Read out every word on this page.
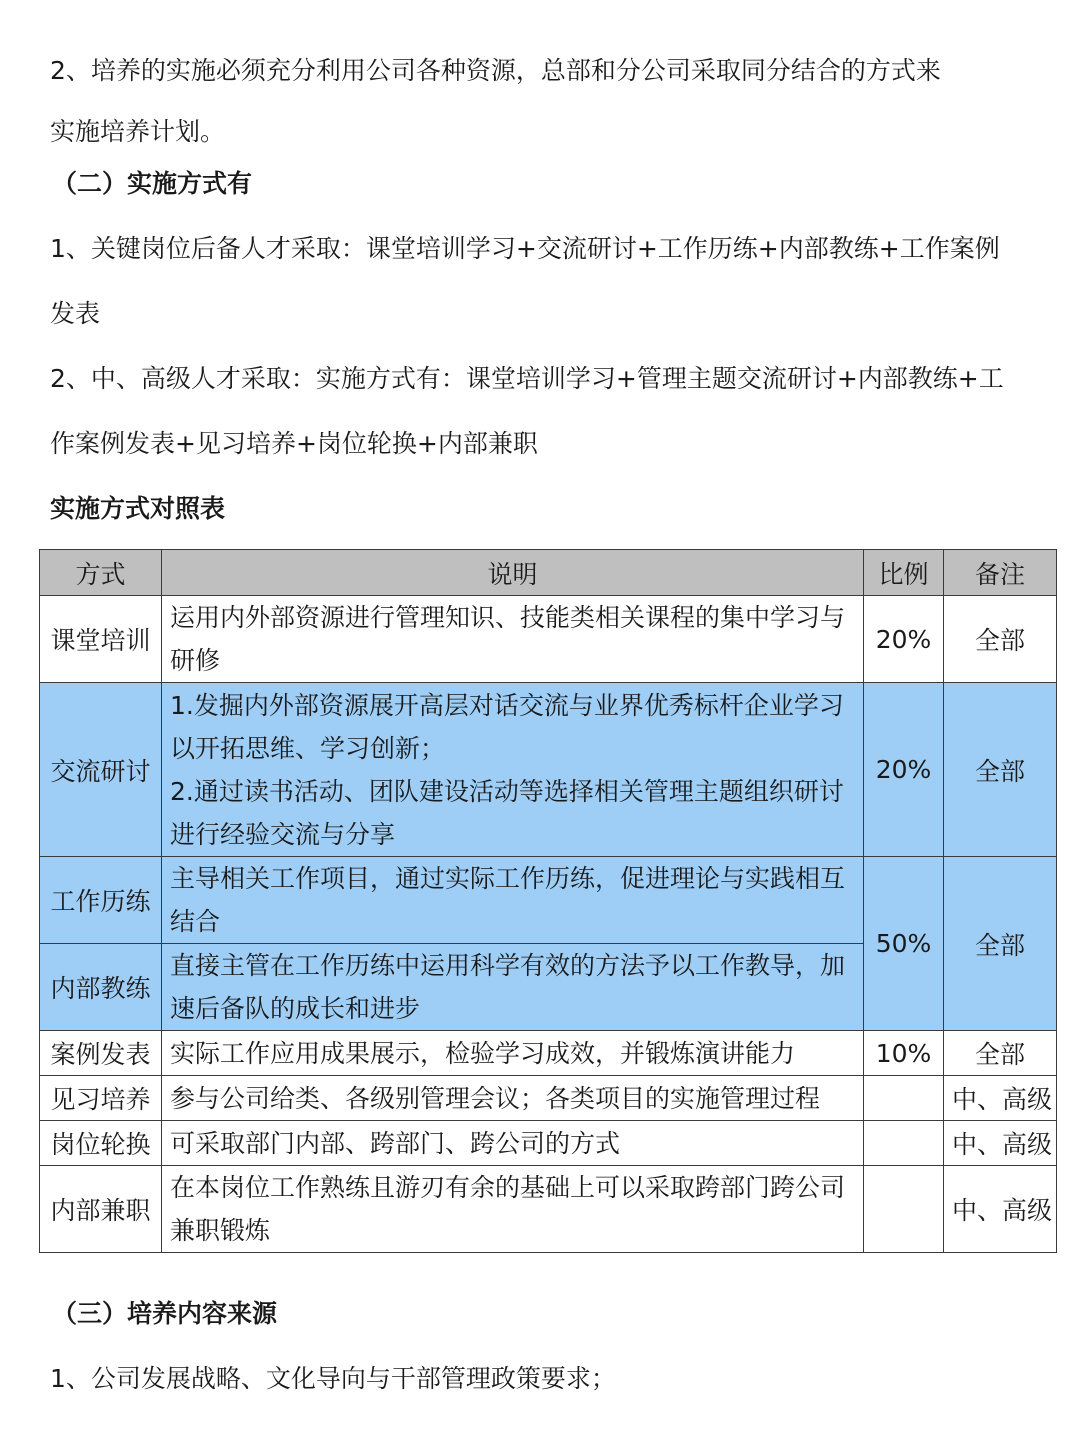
2、培养的实施必须充分利用公司各种资源，总部和分公司采取同分结合的方式来

实施培养计划。

（二）实施方式有

1、关键岗位后备人才采取：课堂培训学习+交流研讨+工作历练+内部教练+工作案例

发表

2、中、高级人才采取：实施方式有：课堂培训学习+管理主题交流研讨+内部教练+工

作案例发表+见习培养+岗位轮换+内部兼职

实施方式对照表
方式	说明	比例	备注
课堂培训	运用内外部资源进行管理知识、技能类相关课程的集中学习与研修	20%	全部
交流研讨	1.发掘内外部资源展开高层对话交流与业界优秀标杆企业学习以开拓思维、学习创新；
2.通过读书活动、团队建设活动等选择相关管理主题组织研讨进行经验交流与分享	20%	全部
工作历练	主导相关工作项目，通过实际工作历练，促进理论与实践相互结合	50%	全部
内部教练	直接主管在工作历练中运用科学有效的方法予以工作教导，加速后备队的成长和进步		
案例发表	实际工作应用成果展示，检验学习成效，并锻炼演讲能力	10%	全部
见习培养	参与公司给类、各级别管理会议；各类项目的实施管理过程		中、高级
岗位轮换	可采取部门内部、跨部门、跨公司的方式		中、高级
内部兼职	在本岗位工作熟练且游刃有余的基础上可以采取跨部门跨公司兼职锻炼		中、高级
（三）培养内容来源

1、公司发展战略、文化导向与干部管理政策要求；
